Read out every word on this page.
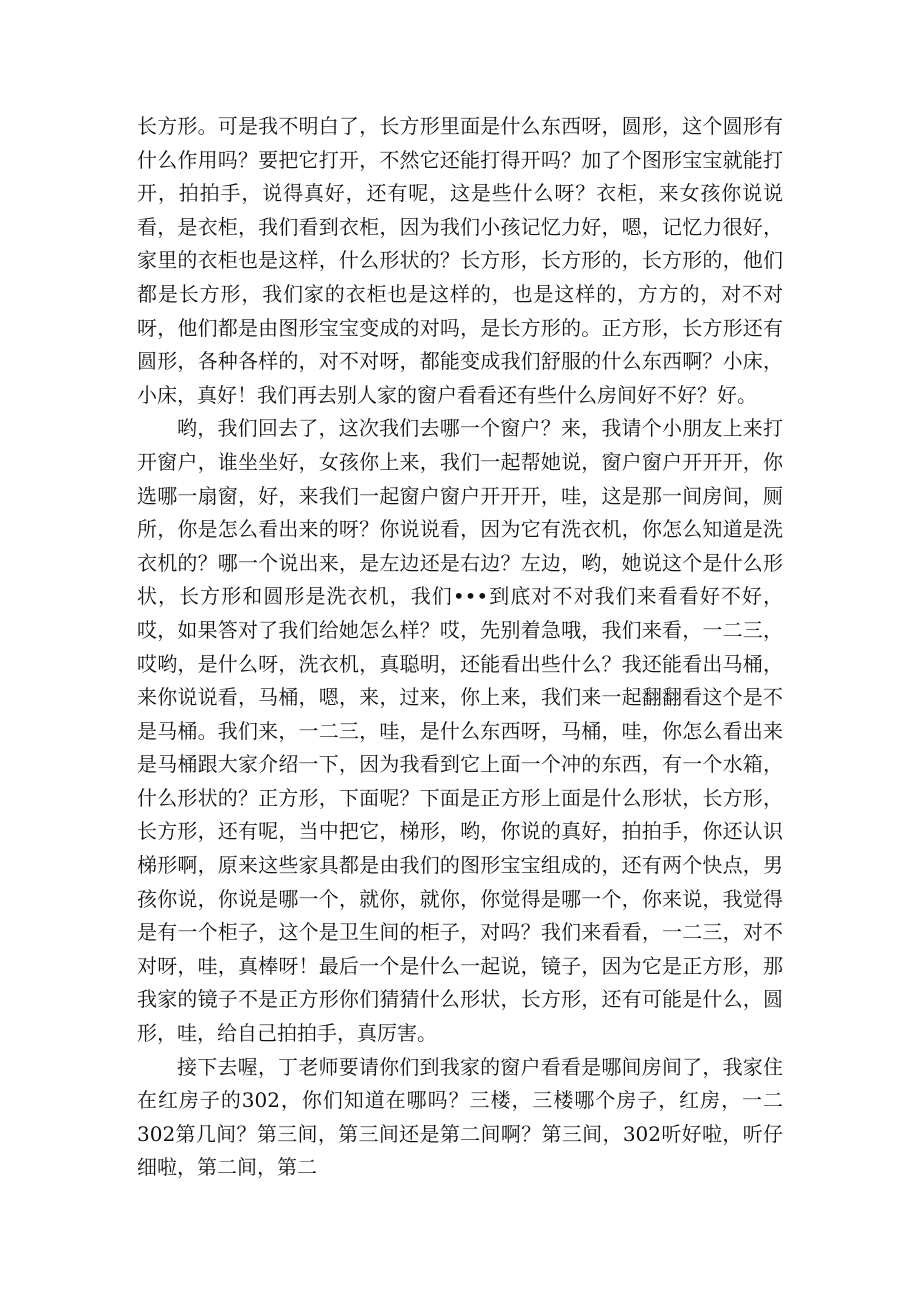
长方形。可是我不明白了，长方形里面是什么东西呀，圆形，这个圆形有什么作用吗？要把它打开，不然它还能打得开吗？加了个图形宝宝就能打开，拍拍手，说得真好，还有呢，这是些什么呀？衣柜，来女孩你说说看，是衣柜，我们看到衣柜，因为我们小孩记忆力好，嗯，记忆力很好，家里的衣柜也是这样，什么形状的？长方形，长方形的，长方形的，他们都是长方形，我们家的衣柜也是这样的，也是这样的，方方的，对不对呀，他们都是由图形宝宝变成的对吗，是长方形的。正方形，长方形还有圆形，各种各样的，对不对呀，都能变成我们舒服的什么东西啊？小床，小床，真好！我们再去别人家的窗户看看还有些什么房间好不好？好。

哟，我们回去了，这次我们去哪一个窗户？来，我请个小朋友上来打开窗户，谁坐坐好，女孩你上来，我们一起帮她说，窗户窗户开开开，你选哪一扇窗，好，来我们一起窗户窗户开开开，哇，这是那一间房间，厕所，你是怎么看出来的呀？你说说看，因为它有洗衣机，你怎么知道是洗衣机的？哪一个说出来，是左边还是右边？左边，哟，她说这个是什么形状，长方形和圆形是洗衣机，我们•••到底对不对我们来看看好不好，哎，如果答对了我们给她怎么样？哎，先别着急哦，我们来看，一二三，哎哟，是什么呀，洗衣机，真聪明，还能看出些什么？我还能看出马桶，来你说说看，马桶，嗯，来，过来，你上来，我们来一起翻翻看这个是不是马桶。我们来，一二三，哇，是什么东西呀，马桶，哇，你怎么看出来是马桶跟大家介绍一下，因为我看到它上面一个冲的东西，有一个水箱，什么形状的？正方形，下面呢？下面是正方形上面是什么形状，长方形，长方形，还有呢，当中把它，梯形，哟，你说的真好，拍拍手，你还认识梯形啊，原来这些家具都是由我们的图形宝宝组成的，还有两个快点，男孩你说，你说是哪一个，就你，就你，你觉得是哪一个，你来说，我觉得是有一个柜子，这个是卫生间的柜子，对吗？我们来看看，一二三，对不对呀，哇，真棒呀！最后一个是什么一起说，镜子，因为它是正方形，那我家的镜子不是正方形你们猜猜什么形状，长方形，还有可能是什么，圆形，哇，给自己拍拍手，真厉害。

接下去喔，丁老师要请你们到我家的窗户看看是哪间房间了，我家住在红房子的302，你们知道在哪吗？三楼，三楼哪个房子，红房，一二302第几间？第三间，第三间还是第二间啊？第三间，302听好啦，听仔细啦，第二间，第二
